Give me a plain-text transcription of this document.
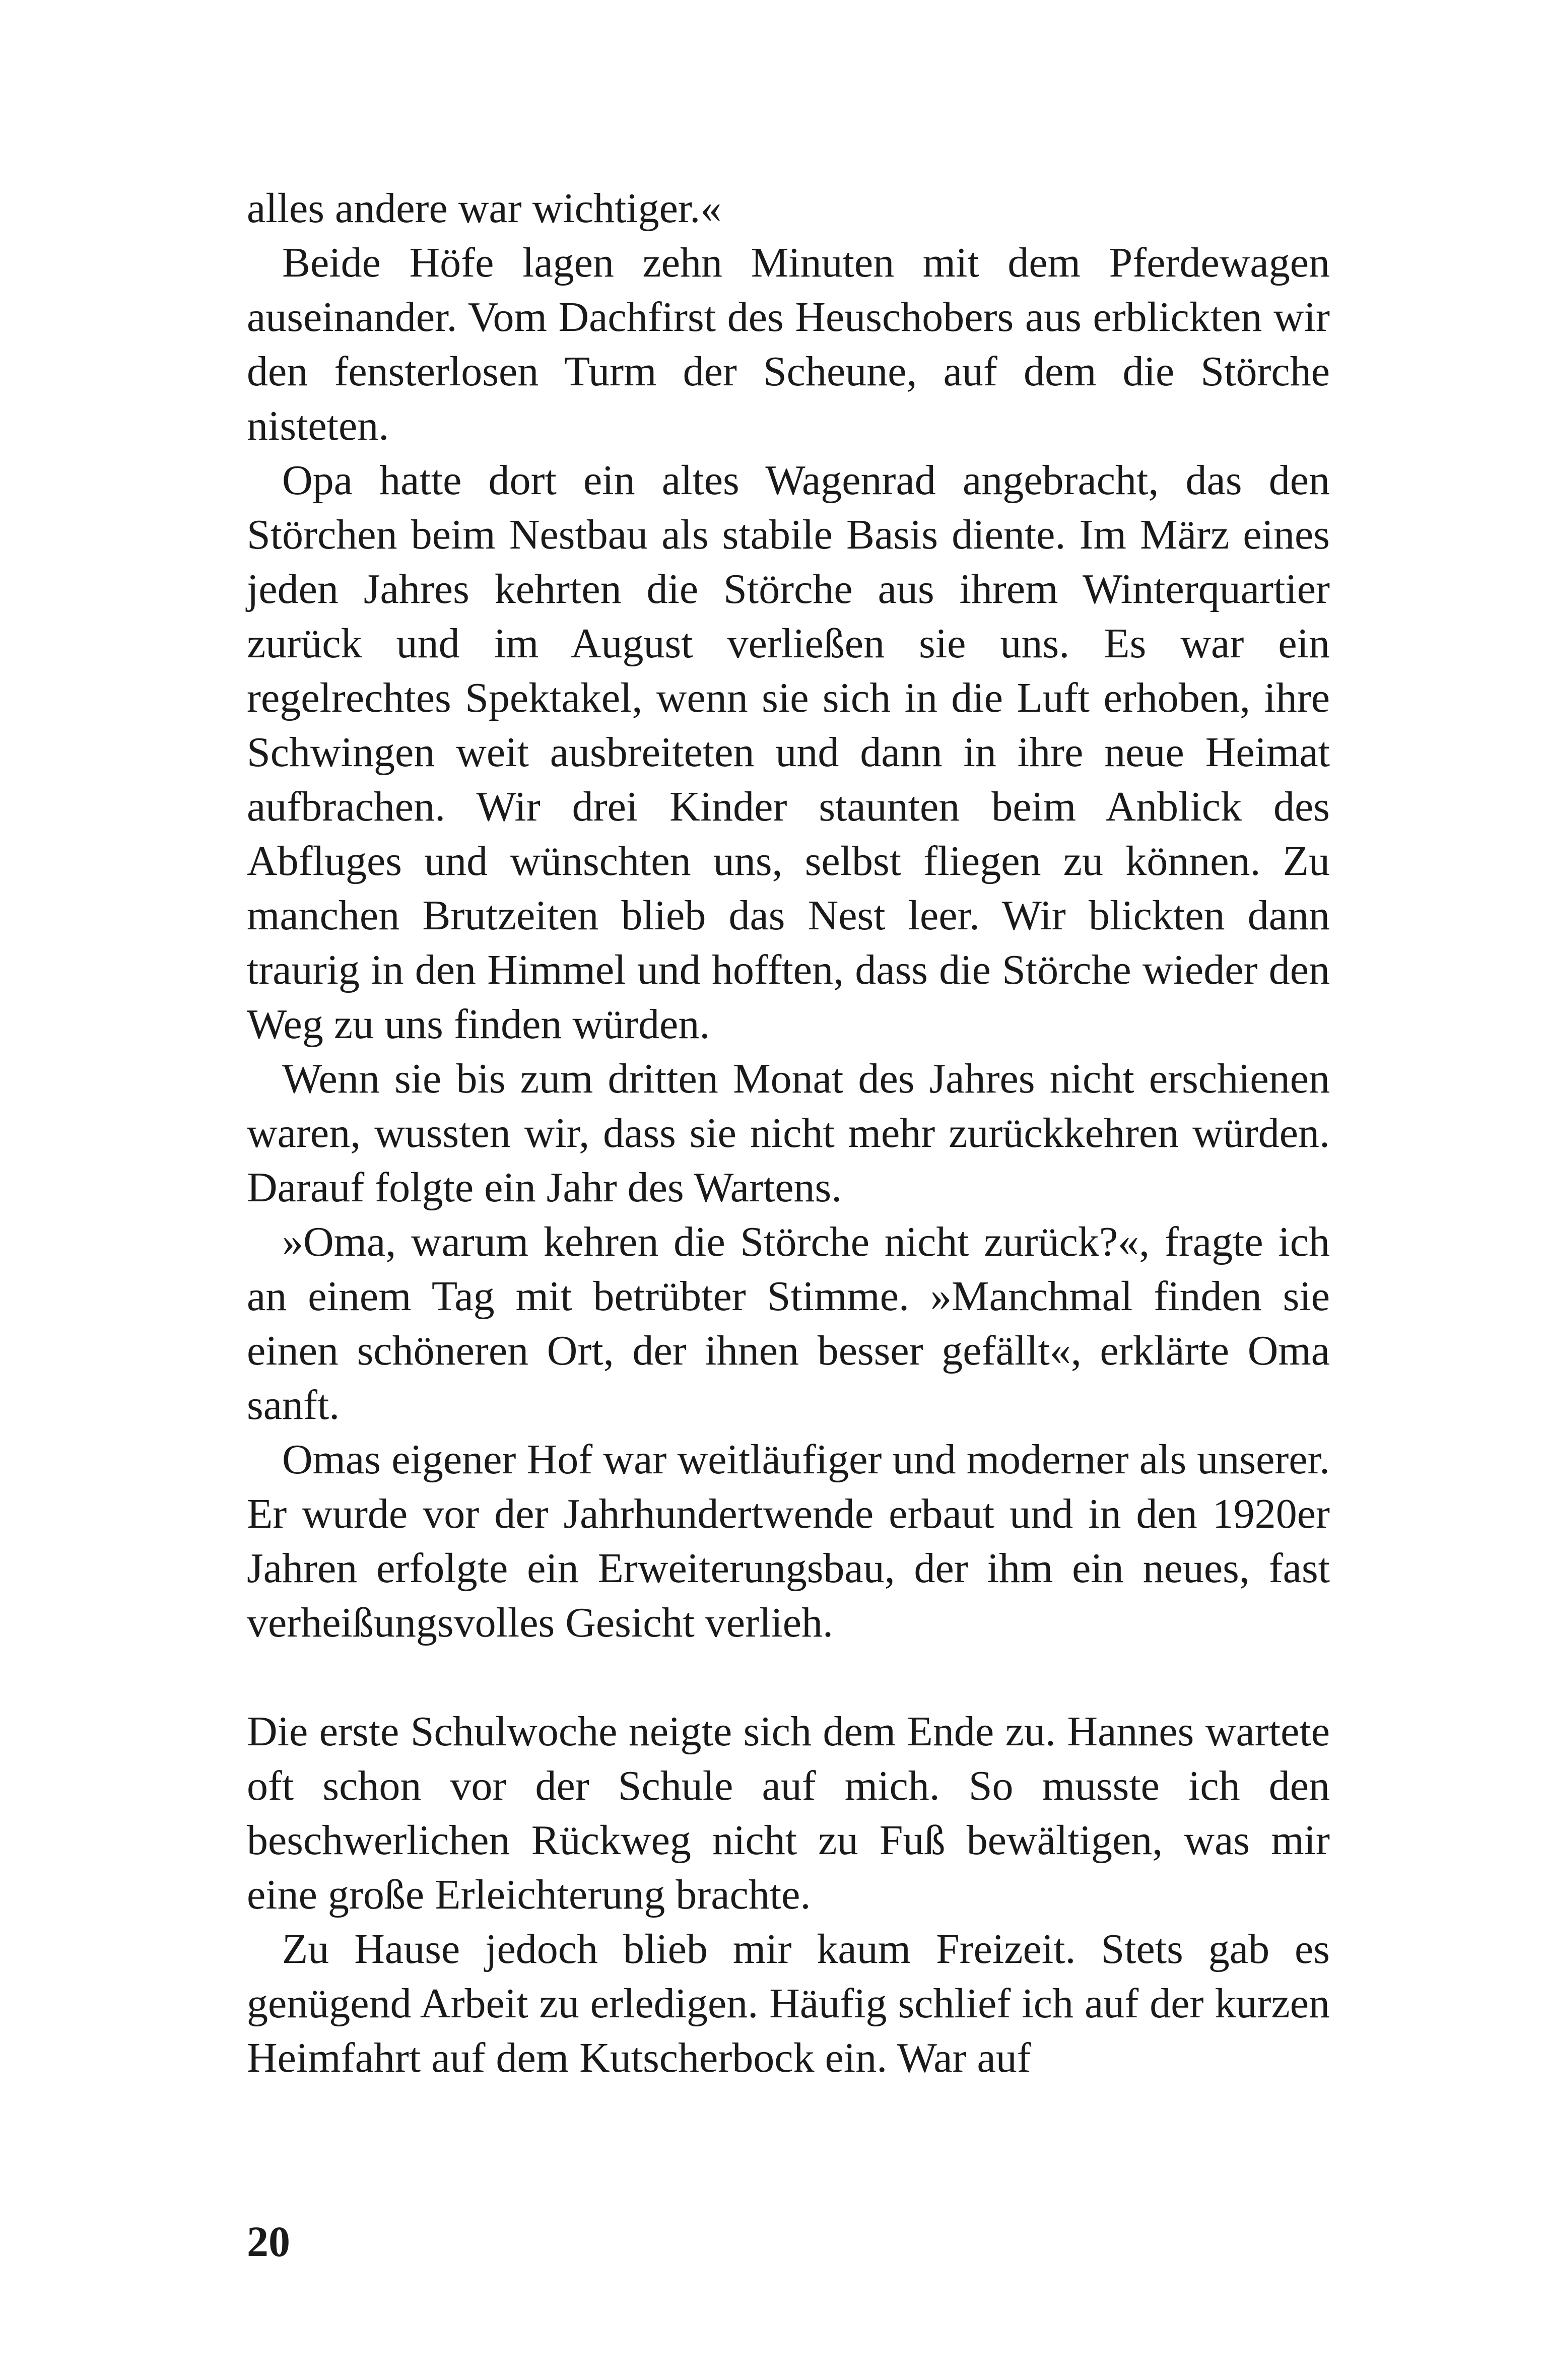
alles andere war wichtiger.«

Beide Höfe lagen zehn Minuten mit dem Pferdewagen auseinander. Vom Dachfirst des Heuschobers aus erblickten wir den fensterlosen Turm der Scheune, auf dem die Störche nisteten.

Opa hatte dort ein altes Wagenrad angebracht, das den Störchen beim Nestbau als stabile Basis diente. Im März eines jeden Jahres kehrten die Störche aus ihrem Winterquartier zurück und im August verließen sie uns. Es war ein regelrechtes Spektakel, wenn sie sich in die Luft erhoben, ihre Schwingen weit ausbreiteten und dann in ihre neue Heimat aufbrachen. Wir drei Kinder staunten beim Anblick des Abfluges und wünschten uns, selbst fliegen zu können. Zu manchen Brutzeiten blieb das Nest leer. Wir blickten dann traurig in den Himmel und hofften, dass die Störche wieder den Weg zu uns finden würden.

Wenn sie bis zum dritten Monat des Jahres nicht erschienen waren, wussten wir, dass sie nicht mehr zurückkehren würden. Darauf folgte ein Jahr des Wartens.

»Oma, warum kehren die Störche nicht zurück?«, fragte ich an einem Tag mit betrübter Stimme. »Manchmal finden sie einen schöneren Ort, der ihnen besser gefällt«, erklärte Oma sanft.

Omas eigener Hof war weitläufiger und moderner als unserer. Er wurde vor der Jahrhundertwende erbaut und in den 1920er Jahren erfolgte ein Erweiterungsbau, der ihm ein neues, fast verheißungsvolles Gesicht verlieh.

Die erste Schulwoche neigte sich dem Ende zu. Hannes wartete oft schon vor der Schule auf mich. So musste ich den beschwerlichen Rückweg nicht zu Fuß bewältigen, was mir eine große Erleichterung brachte.

Zu Hause jedoch blieb mir kaum Freizeit. Stets gab es genügend Arbeit zu erledigen. Häufig schlief ich auf der kurzen Heimfahrt auf dem Kutscherbock ein. War auf

20
